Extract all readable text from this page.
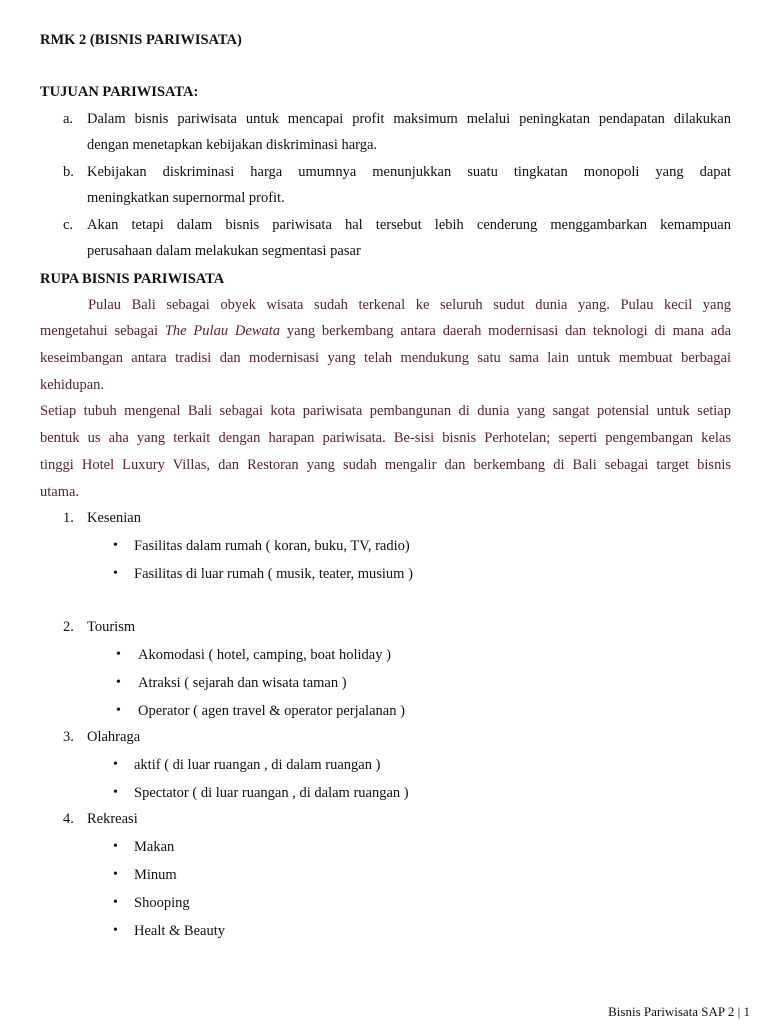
RMK 2 (BISNIS PARIWISATA)
TUJUAN PARIWISATA:
a. Dalam bisnis pariwisata untuk mencapai profit maksimum melalui peningkatan pendapatan dilakukan
dengan menetapkan kebijakan diskriminasi harga.
b. Kebijakan diskriminasi harga umumnya menunjukkan suatu tingkatan monopoli yang dapat
meningkatkan supernormal profit.
c. Akan tetapi dalam bisnis pariwisata hal tersebut lebih cenderung menggambarkan kemampuan
perusahaan dalam melakukan segmentasi pasar
RUPA BISNIS PARIWISATA
Pulau Bali sebagai obyek wisata sudah terkenal ke seluruh sudut dunia yang. Pulau kecil yang
mengetahui sebagai The Pulau Dewata yang berkembang antara daerah modernisasi dan teknologi di mana ada
keseimbangan antara tradisi dan modernisasi yang telah mendukung satu sama lain untuk membuat berbagai
kehidupan.
Setiap tubuh mengenal Bali sebagai kota pariwisata pembangunan di dunia yang sangat potensial untuk setiap
bentuk us aha yang terkait dengan harapan pariwisata. Be-sisi bisnis Perhotelan; seperti pengembangan kelas
tinggi Hotel Luxury Villas, dan Restoran yang sudah mengalir dan berkembang di Bali sebagai target bisnis
utama.
1. Kesenian
• Fasilitas dalam rumah ( koran, buku, TV, radio)
• Fasilitas di luar rumah ( musik, teater, musium )
2. Tourism
• Akomodasi ( hotel, camping, boat holiday )
• Atraksi ( sejarah dan wisata taman )
• Operator ( agen travel & operator perjalanan )
3. Olahraga
• aktif ( di luar ruangan , di dalam ruangan )
• Spectator ( di luar ruangan , di dalam ruangan )
4. Rekreasi
• Makan
• Minum
• Shooping
• Healt & Beauty
Bisnis Pariwisata SAP 2 | 1
